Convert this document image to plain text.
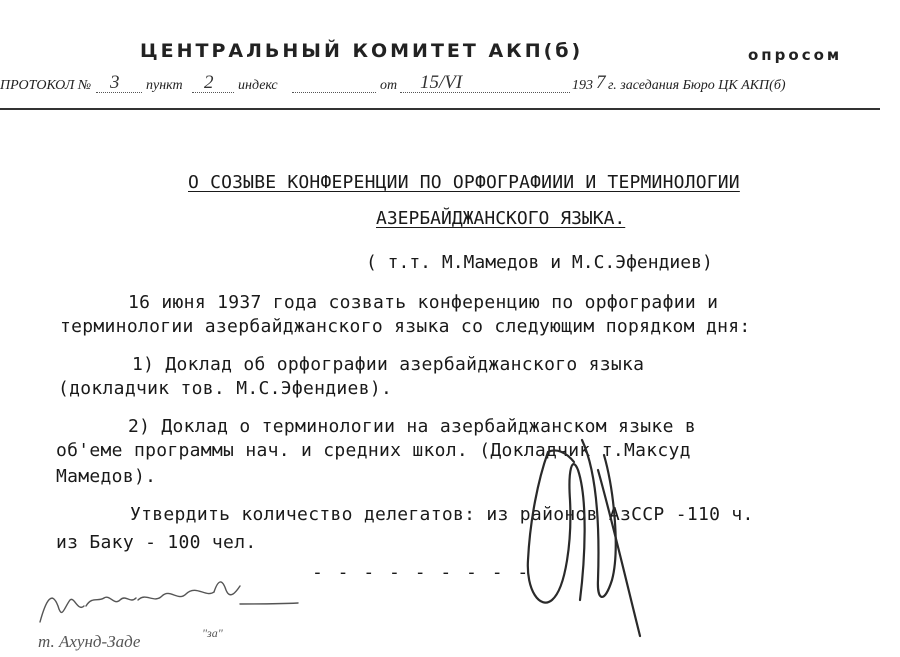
ЦЕНТРАЛЬНЫЙ КОМИТЕТ АКП(б)	опросом
ПРОТОКОЛ № 3 пункт 2 индекс	от 15/VI	193 7 г. заседания Бюро ЦК АКП(б)
О СОЗЫВЕ КОНФЕРЕНЦИИ ПО ОРФОГРАФИИИ И ТЕРМИНОЛОГИИ
АЗЕРБАЙДЖАНСКОГО ЯЗЫКА.
( т.т. М.Мамедов и М.С.Эфендиев)
16 июня 1937 года созвать конференцию по орфографии и
терминологии азербайджанского языка со следующим порядком дня:
1) Доклад об орфографии азербайджанского языка
(докладчик тов. М.С.Эфендиев).
2) Доклад о терминологии на азербайджанском языке в
об'еме программы нач. и средних школ. (Докладчик т.Максуд
Мамедов).
Утвердить количество делегатов: из районов АзССР -110 ч.
из Баку - 100 чел.
- - - - - - - - -
т. Ахунд-Заде	"за"
